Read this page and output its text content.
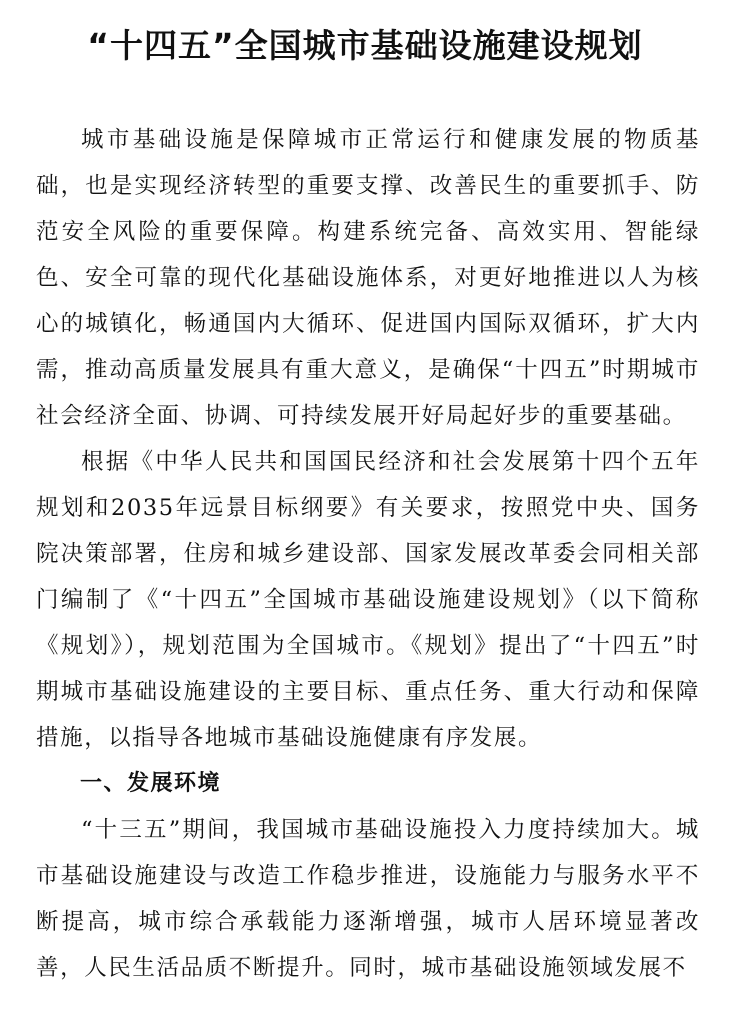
“十四五”全国城市基础设施建设规划

城市基础设施是保障城市正常运行和健康发展的物质基础，也是实现经济转型的重要支撑、改善民生的重要抓手、防范安全风险的重要保障。构建系统完备、高效实用、智能绿色、安全可靠的现代化基础设施体系，对更好地推进以人为核心的城镇化，畅通国内大循环、促进国内国际双循环，扩大内需，推动高质量发展具有重大意义，是确保“十四五”时期城市社会经济全面、协调、可持续发展开好局起好步的重要基础。

根据《中华人民共和国国民经济和社会发展第十四个五年规划和2035年远景目标纲要》有关要求，按照党中央、国务院决策部署，住房和城乡建设部、国家发展改革委会同相关部门编制了《“十四五”全国城市基础设施建设规划》（以下简称《规划》），规划范围为全国城市。《规划》提出了“十四五”时期城市基础设施建设的主要目标、重点任务、重大行动和保障措施，以指导各地城市基础设施健康有序发展。

一、发展环境

“十三五”期间，我国城市基础设施投入力度持续加大。城市基础设施建设与改造工作稳步推进，设施能力与服务水平不断提高，城市综合承载能力逐渐增强，城市人居环境显著改善，人民生活品质不断提升。同时，城市基础设施领域发展不
